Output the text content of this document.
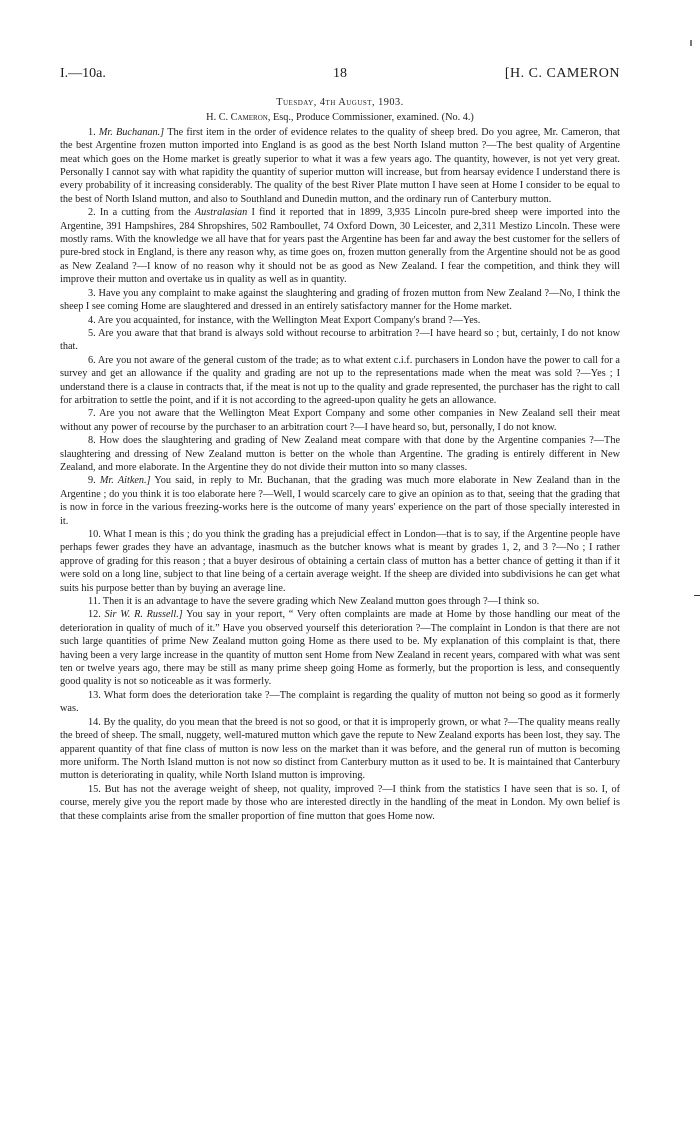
I.—10a.	18	[H. C. CAMERON
Tuesday, 4th August, 1903.
H. C. Cameron, Esq., Produce Commissioner, examined. (No. 4.)

1. Mr. Buchanan.] The first item in the order of evidence relates to the quality of sheep bred. Do you agree, Mr. Cameron, that the best Argentine frozen mutton imported into England is as good as the best North Island mutton ?—The best quality of Argentine meat which goes on the Home market is greatly superior to what it was a few years ago. The quantity, however, is not yet very great. Personally I cannot say with what rapidity the quantity of superior mutton will increase, but from hearsay evidence I understand there is every probability of it increasing considerably. The quality of the best River Plate mutton I have seen at Home I consider to be equal to the best of North Island mutton, and also to Southland and Dunedin mutton, and the ordinary run of Canterbury mutton.

2. In a cutting from the Australasian I find it reported that in 1899, 3,935 Lincoln pure-bred sheep were imported into the Argentine, 391 Hampshires, 284 Shropshires, 502 Ramboullet, 74 Oxford Down, 30 Leicester, and 2,311 Mestizo Lincoln. These were mostly rams. With the knowledge we all have that for years past the Argentine has been far and away the best customer for the sellers of pure-bred stock in England, is there any reason why, as time goes on, frozen mutton generally from the Argentine should not be as good as New Zealand ?—I know of no reason why it should not be as good as New Zealand. I fear the competition, and think they will improve their mutton and overtake us in quality as well as in quantity.

3. Have you any complaint to make against the slaughtering and grading of frozen mutton from New Zealand ?—No, I think the sheep I see coming Home are slaughtered and dressed in an entirely satisfactory manner for the Home market.

4. Are you acquainted, for instance, with the Wellington Meat Export Company's brand ?—Yes.

5. Are you aware that that brand is always sold without recourse to arbitration ?—I have heard so ; but, certainly, I do not know that.

6. Are you not aware of the general custom of the trade; as to what extent c.i.f. purchasers in London have the power to call for a survey and get an allowance if the quality and grading are not up to the representations made when the meat was sold ?—Yes ; I understand there is a clause in contracts that, if the meat is not up to the quality and grade represented, the purchaser has the right to call for arbitration to settle the point, and if it is not according to the agreed-upon quality he gets an allowance.

7. Are you not aware that the Wellington Meat Export Company and some other companies in New Zealand sell their meat without any power of recourse by the purchaser to an arbitration court ?—I have heard so, but, personally, I do not know.

8. How does the slaughtering and grading of New Zealand meat compare with that done by the Argentine companies ?—The slaughtering and dressing of New Zealand mutton is better on the whole than Argentine. The grading is entirely different in New Zealand, and more elaborate. In the Argentine they do not divide their mutton into so many classes.

9. Mr. Aitken.] You said, in reply to Mr. Buchanan, that the grading was much more elaborate in New Zealand than in the Argentine ; do you think it is too elaborate here ?—Well, I would scarcely care to give an opinion as to that, seeing that the grading that is now in force in the various freezing-works here is the outcome of many years' experience on the part of those specially interested in it.

10. What I mean is this ; do you think the grading has a prejudicial effect in London—that is to say, if the Argentine people have perhaps fewer grades they have an advantage, inasmuch as the butcher knows what is meant by grades 1, 2, and 3 ?—No ; I rather approve of grading for this reason ; that a buyer desirous of obtaining a certain class of mutton has a better chance of getting it than if it were sold on a long line, subject to that line being of a certain average weight. If the sheep are divided into subdivisions he can get what suits his purpose better than by buying an average line.

11. Then it is an advantage to have the severe grading which New Zealand mutton goes through ?—I think so.

12. Sir W. R. Russell.] You say in your report, “ Very often complaints are made at Home by those handling our meat of the deterioration in quality of much of it.” Have you observed yourself this deterioration ?—The complaint in London is that there are not such large quantities of prime New Zealand mutton going Home as there used to be. My explanation of this complaint is that, there having been a very large increase in the quantity of mutton sent Home from New Zealand in recent years, compared with what was sent ten or twelve years ago, there may be still as many prime sheep going Home as formerly, but the proportion is less, and consequently good quality is not so noticeable as it was formerly.

13. What form does the deterioration take ?—The complaint is regarding the quality of mutton not being so good as it formerly was.

14. By the quality, do you mean that the breed is not so good, or that it is improperly grown, or what ?—The quality means really the breed of sheep. The small, nuggety, well-matured mutton which gave the repute to New Zealand exports has been lost, they say. The apparent quantity of that fine class of mutton is now less on the market than it was before, and the general run of mutton is becoming more uniform. The North Island mutton is not now so distinct from Canterbury mutton as it used to be. It is maintained that Canterbury mutton is deteriorating in quality, while North Island mutton is improving.

15. But has not the average weight of sheep, not quality, improved ?—I think from the statistics I have seen that is so. I, of course, merely give you the report made by those who are interested directly in the handling of the meat in London. My own belief is that these complaints arise from the smaller proportion of fine mutton that goes Home now.
